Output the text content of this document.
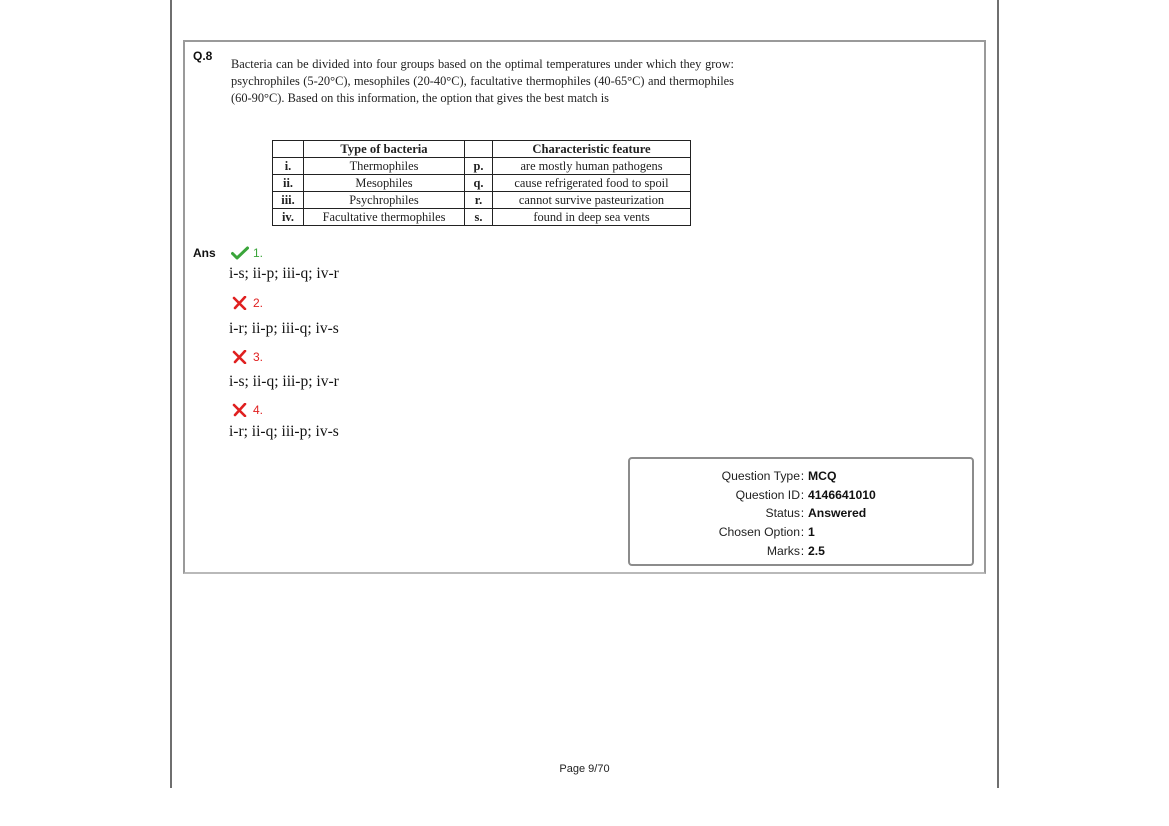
Q.8

Bacteria can be divided into four groups based on the optimal temperatures under which they grow: psychrophiles (5-20°C), mesophiles (20-40°C), facultative thermophiles (40-65°C) and thermophiles (60-90°C). Based on this information, the option that gives the best match is

	Type of bacteria		Characteristic feature
i.	Thermophiles	p.	are mostly human pathogens
ii.	Mesophiles	q.	cause refrigerated food to spoil
iii.	Psychrophiles	r.	cannot survive pasteurization
iv.	Facultative thermophiles	s.	found in deep sea vents
Ans	1.
i-s; ii-p; iii-q; iv-r
2.
i-r; ii-p; iii-q; iv-s
3.
i-s; ii-q; iii-p; iv-r
4.
i-r; ii-q; iii-p; iv-s
Question Type : MCQ
Question ID : 4146641010
Status : Answered
Chosen Option : 1
Marks : 2.5
Page 9/70
